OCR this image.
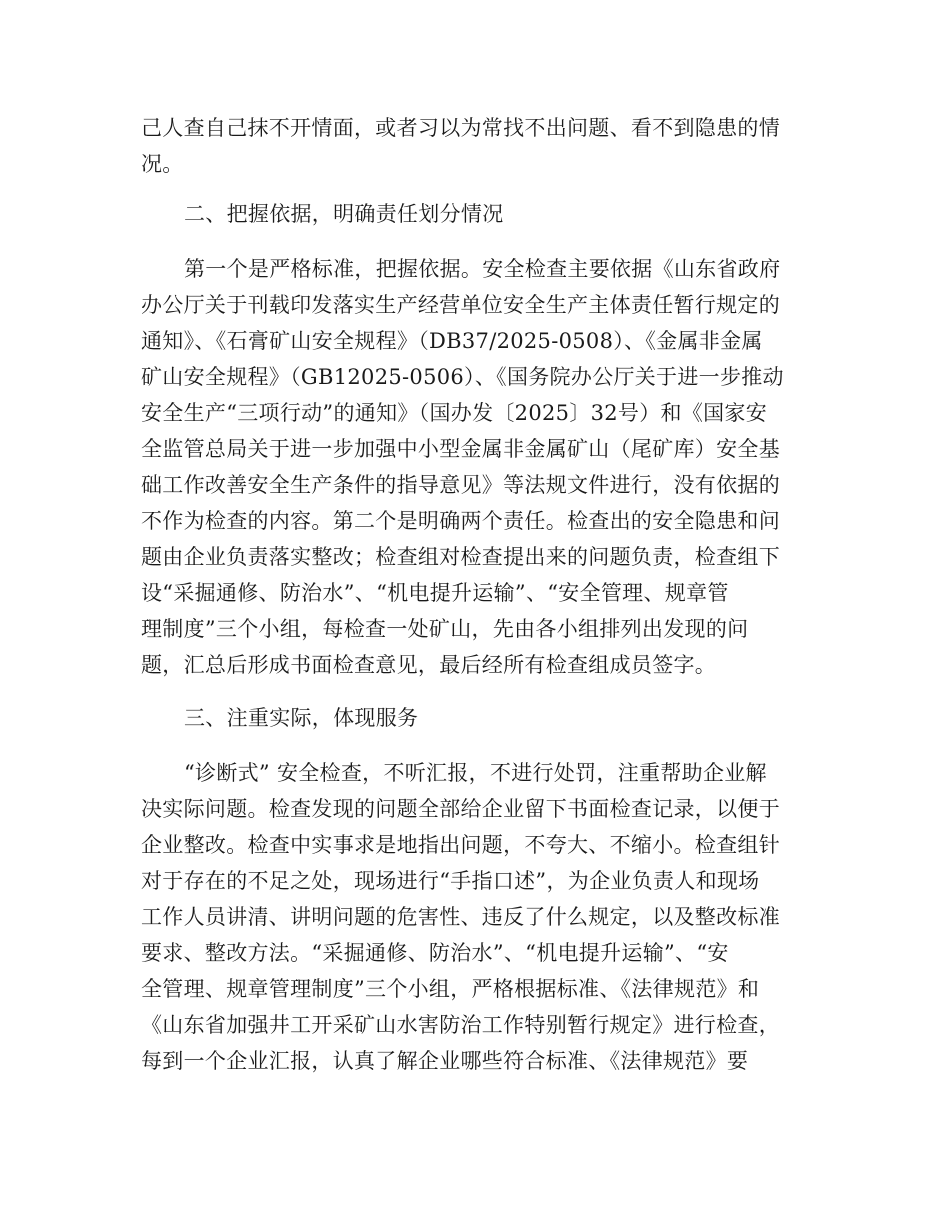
己人查自己抹不开情面，或者习以为常找不出问题、看不到隐患的情
况。
二、把握依据，明确责任划分情况
第一个是严格标准，把握依据。安全检查主要依据《山东省政府
办公厅关于刊载印发落实生产经营单位安全生产主体责任暂行规定的
通知》、《石膏矿山安全规程》（DB37/2025-0508）、《金属非金属
矿山安全规程》（GB12025-0506）、《国务院办公厅关于进一步推动
安全生产“三项行动”的通知》（国办发〔2025〕32号）和《国家安
全监管总局关于进一步加强中小型金属非金属矿山（尾矿库）安全基
础工作改善安全生产条件的指导意见》等法规文件进行，没有依据的
不作为检查的内容。第二个是明确两个责任。检查出的安全隐患和问
题由企业负责落实整改；检查组对检查提出来的问题负责，检查组下
设“采掘通修、防治水”、“机电提升运输”、“安全管理、规章管
理制度”三个小组，每检查一处矿山，先由各小组排列出发现的问
题，汇总后形成书面检查意见，最后经所有检查组成员签字。
三、注重实际，体现服务
“诊断式” 安全检查，不听汇报，不进行处罚，注重帮助企业解
决实际问题。检查发现的问题全部给企业留下书面检查记录，以便于
企业整改。检查中实事求是地指出问题，不夸大、不缩小。检查组针
对于存在的不足之处，现场进行“手指口述”，为企业负责人和现场
工作人员讲清、讲明问题的危害性、违反了什么规定，以及整改标准
要求、整改方法。“采掘通修、防治水”、“机电提升运输”、“安
全管理、规章管理制度”三个小组，严格根据标准、《法律规范》和
《山东省加强井工开采矿山水害防治工作特别暂行规定》进行检查，
每到一个企业汇报，认真了解企业哪些符合标准、《法律规范》要
